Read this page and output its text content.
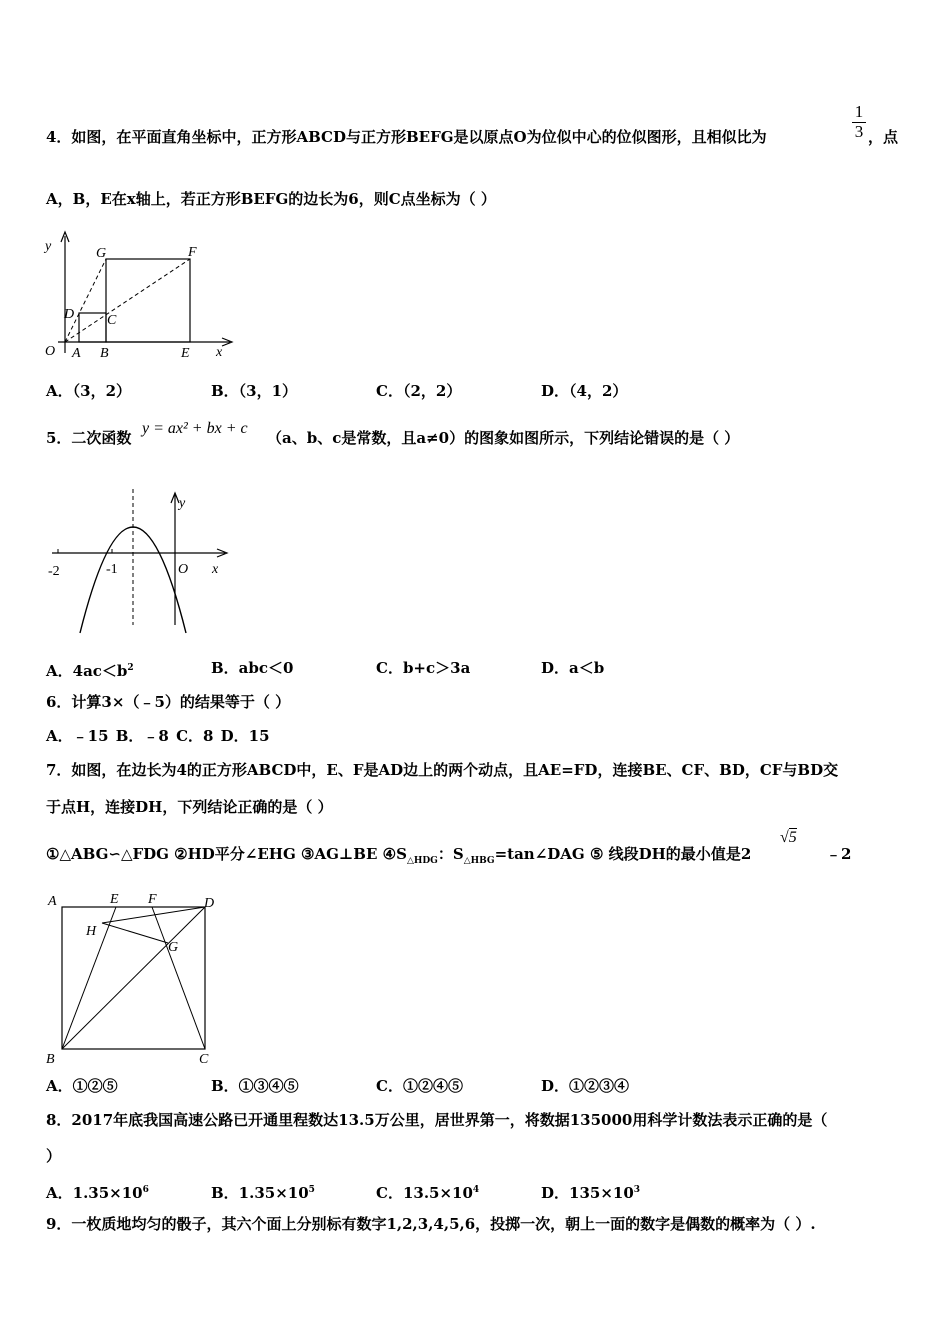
4．如图，在平面直角坐标中，正方形ABCD与正方形BEFG是以原点O为位似中心的位似图形，且相似比为	$\frac{1}{3}$ ，点
A，B，E在x轴上，若正方形BEFG的边长为6，则C点坐标为（ ）
y	G	F
D C
O A B	E x
A．（3，2）	B．（3，1）	C．（2，2）	D．（4，2）
5．二次函数
y = ax² + bx + c
（a、b、c是常数，且a≠0）的图象如图所示，下列结论错误的是（ ）
y
-2	-1	O x
A．$4ac<b^2$	B．abc＜0	C．b+c＞3a	D．a＜b
6．计算3×（﹣5）的结果等于（ ）
A．﹣15 B．﹣8 C．8 D．15
7．如图，在边长为4的正方形ABCD中，E、F是AD边上的两个动点，且AE=FD，连接BE、CF、BD，CF与BD交
于点H，连接DH，下列结论正确的是（ ）
①△ABG∽△FDG ②HD平分∠EHG ③AG⊥BE $④S_{\triangle HDG}$：$S_{\triangle HBG}=\tan\angle DAG$ ⑤ 线段DH的最小值是2
√5
﹣2
A	E F	D
H
G
B	C
A．①②⑤	B．①③④⑤	C．①②④⑤	D．①②③④
8．2017年底我国高速公路已开通里程数达13.5万公里，居世界第一，将数据135000用科学计数法表示正确的是（
）
A．$1.35\times 10^6$	B．$1.35\times 10^5$	C．$13.5\times 10^4$	D．$135\times 10^3$
9．一枚质地均匀的骰子，其六个面上分别标有数字1,2,3,4,5,6，投掷一次，朝上一面的数字是偶数的概率为（ ）.
